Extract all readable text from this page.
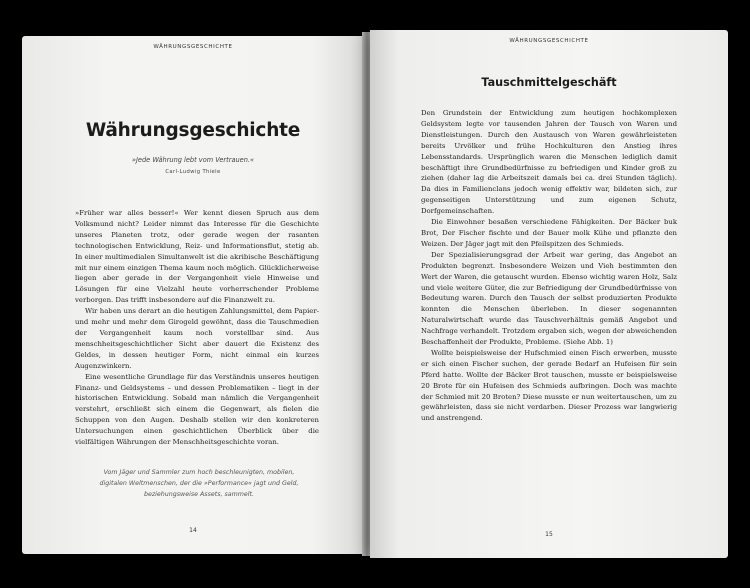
WÄHRUNGSGESCHICHTE
Währungsgeschichte
»Jede Währung lebt vom Vertrauen.«
Carl-Ludwig Thiele

»Früher war alles besser!« Wer kennt diesen Spruch aus dem Volksmund nicht? Leider nimmt das Interesse für die Geschichte unseres Planeten trotz, oder gerade wegen der rasanten technologischen Entwicklung, Reiz- und Informationsflut, stetig ab. In einer multimedialen Simultanwelt ist die akribische Beschäftigung mit nur einem einzigen Thema kaum noch möglich. Glücklicherweise liegen aber gerade in der Vergangenheit viele Hinweise und Lösungen für eine Vielzahl heute vorherrschender Probleme verborgen. Das trifft insbesondere auf die Finanzwelt zu.

Wir haben uns derart an die heutigen Zahlungsmittel, dem Papier- und mehr und mehr dem Girogeld gewöhnt, dass die Tauschmedien der Vergangenheit kaum noch vorstellbar sind. Aus menschheitsgeschichtlicher Sicht aber dauert die Existenz des Geldes, in dessen heutiger Form, nicht einmal ein kurzes Augenzwinkern.

Eine wesentliche Grundlage für das Verständnis unseres heutigen Finanz- und Geldsystems – und dessen Problematiken – liegt in der historischen Entwicklung. Sobald man nämlich die Vergangenheit verstehrt, erschließt sich einem die Gegenwart, als fielen die Schuppen von den Augen. Deshalb stellen wir den konkreteren Untersuchungen einen geschichtlichen Überblick über die vielfältigen Währungen der Menschheitsgeschichte voran.

Vom Jäger und Sammler zum hoch beschleunigten, mobilen,
digitalen Weltmenschen, der die »Performance« jagt und Geld,
beziehungsweise Assets, sammelt.
14
WÄHRUNGSGESCHICHTE
Tauschmittelgeschäft

Den Grundstein der Entwicklung zum heutigen hochkomplexen Geldsystem legte vor tausenden Jahren der Tausch von Waren und Dienstleistungen. Durch den Austausch von Waren gewährleisteten bereits Urvölker und frühe Hochkulturen den Anstieg ihres Lebensstandards. Ursprünglich waren die Menschen lediglich damit beschäftigt ihre Grundbedürfnisse zu befriedigen und Kinder groß zu ziehen (daher lag die Arbeitszeit damals bei ca. drei Stunden täglich). Da dies in Familienclans jedoch wenig effektiv war, bildeten sich, zur gegenseitigen Unterstützung und zum eigenen Schutz, Dorfgemeinschaften.

Die Einwohner besaßen verschiedene Fähigkeiten. Der Bäcker buk Brot, Der Fischer fischte und der Bauer molk Kühe und pflanzte den Weizen. Der Jäger jagt mit den Pfeilspitzen des Schmieds.

Der Spezialisierungsgrad der Arbeit war gering, das Angebot an Produkten begrenzt. Insbesondere Weizen und Vieh bestimmten den Wert der Waren, die getauscht wurden. Ebenso wichtig waren Holz, Salz und viele weitere Güter, die zur Befriedigung der Grundbedürfnisse von Bedeutung waren. Durch den Tausch der selbst produzierten Produkte konnten die Menschen überleben. In dieser sogenannten Naturalwirtschaft wurde das Tauschverhältnis gemäß Angebot und Nachfrage verhandelt. Trotzdem ergaben sich, wegen der abweichenden Beschaffenheit der Produkte, Probleme. (Siehe Abb. 1)

Wollte beispielsweise der Hufschmied einen Fisch erwerben, musste er sich einen Fischer suchen, der gerade Bedarf an Hufeisen für sein Pferd hatte. Wollte der Bäcker Brot tauschen, musste er beispielsweise 20 Brote für ein Hufeisen des Schmieds aufbringen. Doch was machte der Schmied mit 20 Broten? Diese musste er nun weitertauschen, um zu gewährleisten, dass sie nicht verdarben. Dieser Prozess war langwierig und anstrengend.

15
